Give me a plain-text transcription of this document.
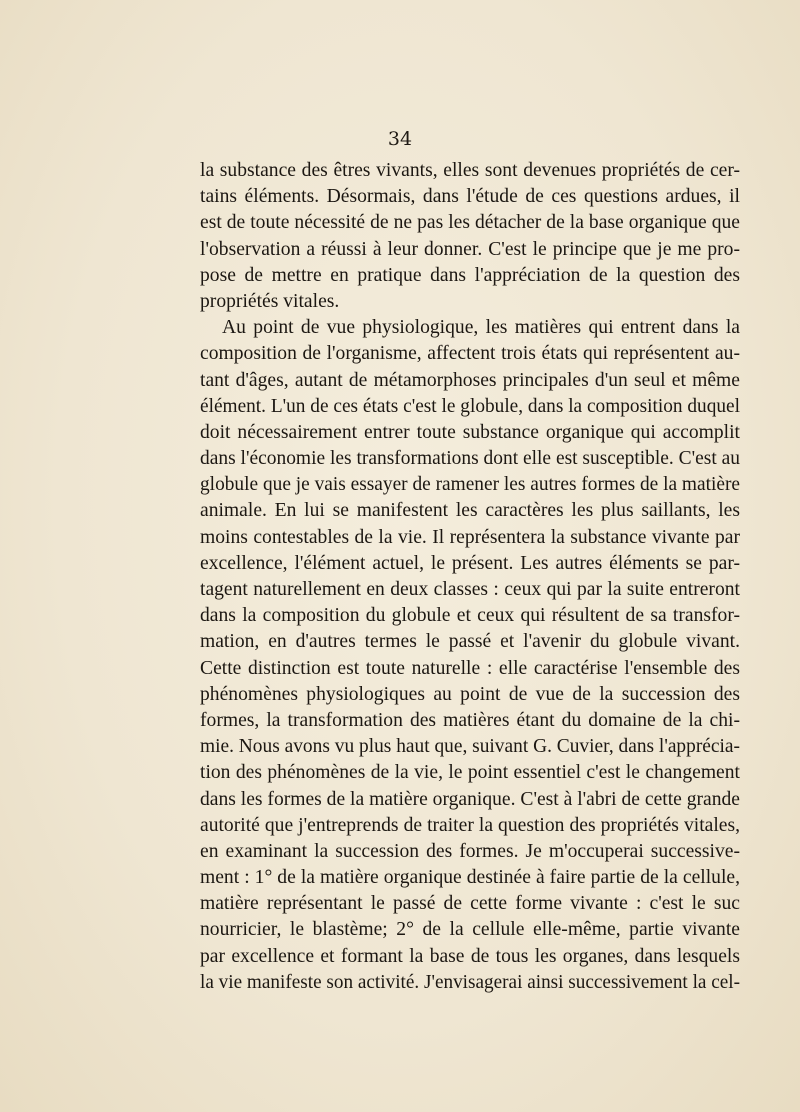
34
la substance des êtres vivants, elles sont devenues propriétés de cer-
tains éléments. Désormais, dans l'étude de ces questions ardues, il
est de toute nécessité de ne pas les détacher de la base organique que
l'observation a réussi à leur donner. C'est le principe que je me pro-
pose de mettre en pratique dans l'appréciation de la question des
propriétés vitales.
Au point de vue physiologique, les matières qui entrent dans la
composition de l'organisme, affectent trois états qui représentent au-
tant d'âges, autant de métamorphoses principales d'un seul et même
élément. L'un de ces états c'est le globule, dans la composition duquel
doit nécessairement entrer toute substance organique qui accomplit
dans l'économie les transformations dont elle est susceptible. C'est au
globule que je vais essayer de ramener les autres formes de la matière
animale. En lui se manifestent les caractères les plus saillants, les
moins contestables de la vie. Il représentera la substance vivante par
excellence, l'élément actuel, le présent. Les autres éléments se par-
tagent naturellement en deux classes : ceux qui par la suite entreront
dans la composition du globule et ceux qui résultent de sa transfor-
mation, en d'autres termes le passé et l'avenir du globule vivant.
Cette distinction est toute naturelle : elle caractérise l'ensemble des
phénomènes physiologiques au point de vue de la succession des
formes, la transformation des matières étant du domaine de la chi-
mie. Nous avons vu plus haut que, suivant G. Cuvier, dans l'apprécia-
tion des phénomènes de la vie, le point essentiel c'est le changement
dans les formes de la matière organique. C'est à l'abri de cette grande
autorité que j'entreprends de traiter la question des propriétés vitales,
en examinant la succession des formes. Je m'occuperai successive-
ment : 1° de la matière organique destinée à faire partie de la cellule,
matière représentant le passé de cette forme vivante : c'est le suc
nourricier, le blastème; 2° de la cellule elle-même, partie vivante
par excellence et formant la base de tous les organes, dans lesquels
la vie manifeste son activité. J'envisagerai ainsi successivement la cel-
